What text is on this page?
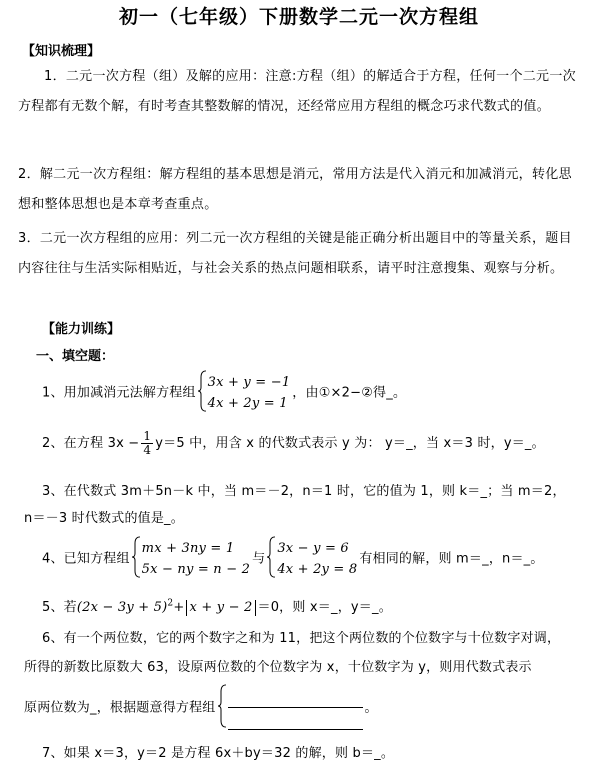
初一（七年级）下册数学二元一次方程组
【知识梳理】
1．二元一次方程（组）及解的应用：注意:方程（组）的解适合于方程，任何一个二元一次方程都有无数个解，有时考查其整数解的情况，还经常应用方程组的概念巧求代数式的值。
2．解二元一次方程组：解方程组的基本思想是消元，常用方法是代入消元和加减消元，转化思想和整体思想也是本章考查重点。
3．二元一次方程组的应用：列二元一次方程组的关键是能正确分析出题目中的等量关系，题目内容往往与生活实际相贴近，与社会关系的热点问题相联系，请平时注意搜集、观察与分析。
【能力训练】
一、填空题：
1、用加减消元法解方程组
3x + y = −1
4x + 2y = 1
，由①×2−②得_。
2、在方程 $3x - \frac{1}{4} y=5$ 中，用含 x 的代数式表示 y 为： y＝_，当 x＝3 时，y＝_。
3、在代数式 3m＋5n－k 中，当 m＝－2，n＝1 时，它的值为 1，则 k＝_；当 m＝2，
n＝－3 时代数式的值是_。
4、已知方程组
mx + 3ny = 1
5x − ny = n − 2
与
3x − y = 6
4x + 2y = 8
有相同的解，则 m＝_，n＝_。
5、若$(2x - 3y + 5)^2+ x + y - 2 =0$，则 x＝_，y＝_。
6、有一个两位数，它的两个数字之和为 11，把这个两位数的个位数字与十位数字对调，
所得的新数比原数大 63，设原两位数的个位数字为 x，十位数字为 y，则用代数式表示
原两位数为_，根据题意得方程组	。
7、如果 x＝3，y＝2 是方程 6x＋by＝32 的解，则 b＝_。
